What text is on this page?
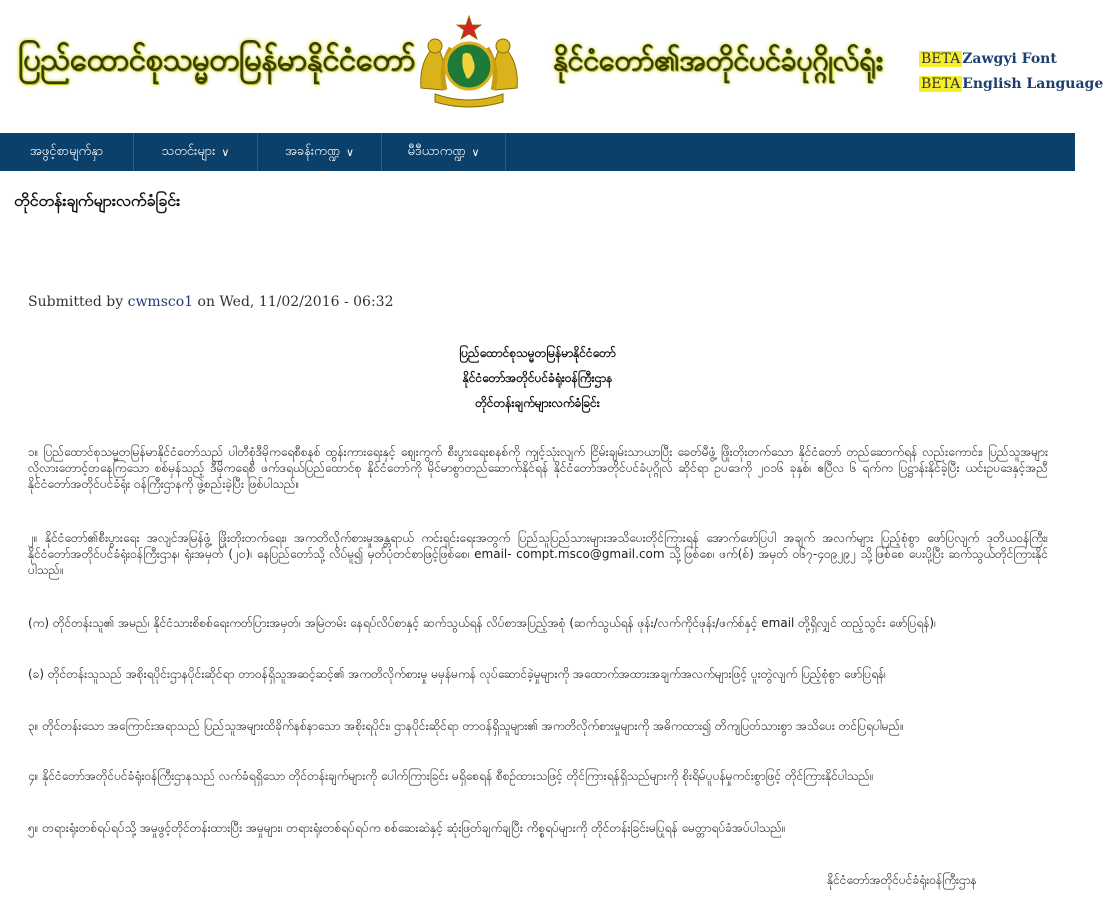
ပြည်ထောင်စုသမ္မတမြန်မာနိုင်ငံတော်	နိုင်ငံတော်၏အတိုင်ပင်ခံပုဂ္ဂိုလ်ရုံး	BETA Zawgyi Font
BETA English Language
အဖွင့်စာမျက်နှာ	သတင်းများ ∨	အခန်းကဏ္ဍ ∨	မီဒီယာကဏ္ဍ ∨
တိုင်တန်းချက်များလက်ခံခြင်း
Submitted by cwmsco1 on Wed, 11/02/2016 - 06:32
ပြည်ထောင်စုသမ္မတမြန်မာနိုင်ငံတော်
နိုင်ငံတော်အတိုင်ပင်ခံရုံးဝန်ကြီးဌာန
တိုင်တန်းချက်များလက်ခံခြင်း

၁။ ပြည်ထောင်စုသမ္မတမြန်မာနိုင်ငံတော်သည် ပါတီစုံဒီမိုကရေစီစနစ် ထွန်းကားရေးနှင့် ဈေးကွက် စီးပွားရေးစနစ်ကို ကျင့်သုံးလျက် ငြိမ်းချမ်းသာယာပြီး ခေတ်မီဖွံ့ ဖြိုးတိုးတက်သော နိုင်ငံတော် တည်ဆောက်ရန် လည်းကောင်း၊ ပြည်သူအများ လိုလားတောင့်တနေကြသော စစ်မှန်သည့် ဒီမိုကရေစီ ဖက်ဒရယ်ပြည်ထောင်စု နိုင်ငံတော်ကို မိုင်မာစွာတည်ဆောက်နိုင်ရန် နိုင်ငံတော်အတိုင်ပင်ခံပုဂ္ဂိုလ် ဆိုင်ရာ ဥပဒေကို ၂၀၁၆ ခုနှစ်၊ ဧပြီလ ၆ ရက်က ပြဋ္ဌာန်းနိုင်ခဲ့ပြီး ယင်းဥပဒေနှင့်အညီ နိုင်ငံတော်အတိုင်ပင်ခံရုံး ဝန်ကြီးဌာနကို ဖွဲ့စည်းခဲ့ပြီး ဖြစ်ပါသည်။

၂။ နိုင်ငံတော်၏စီးပွားရေး အလျင်အမြန်ဖွံ့ ဖြိုးတိုးတက်ရေး၊ အကတိလိုက်စားမှုအန္တရာယ် ကင်းရှင်းရေးအတွက် ပြည်သူပြည်သားများအသိပေးတိုင်ကြားရန် အောက်ဖော်ပြပါ အချက် အလက်များ ပြည့်စုံစွာ ဖော်ပြလျက် ဒုတိယဝန်ကြီး၊ နိုင်ငံတော်အတိုင်ပင်ခံရုံးဝန်ကြီးဌာန၊ ရုံးအမှတ် (၂၀)၊ နေပြည်တော်သို့ လိပ်မူ၍ မှတ်ပုံတင်စာဖြင့်ဖြစ်စေ၊ email- compt.msco@gmail.com သို့ဖြစ်စေ၊ ဖက်(စ်) အမှတ် ၀၆၇-၄၀၉၂၉၂ သို့ဖြစ်စေ ပေးပို့ပြီး ဆက်သွယ်တိုင်ကြားနိုင်ပါသည်။

(က) တိုင်တန်းသူ၏ အမည်၊ နိုင်ငံသားစိစစ်ရေးကတ်ပြားအမှတ်၊ အမြဲတမ်း နေရပ်လိပ်စာနှင့် ဆက်သွယ်ရန် လိပ်စာအပြည့်အစုံ (ဆက်သွယ်ရန် ဖုန်း/လက်ကိုင်ဖုန်း/ဖက်စ်နှင့် email တို့ရှိလျှင် ထည့်သွင်း ဖော်ပြရန်)၊

(ခ) တိုင်တန်းသူသည် အစိုးရပိုင်းဌာနပိုင်းဆိုင်ရာ တာဝန်ရှိသူအဆင့်ဆင့်၏ အကတိလိုက်စားမှု မမှန်မကန် လုပ်ဆောင်ခဲ့မှုများကို အထောက်အထားအချက်အလက်များဖြင့် ပူးတွဲလျက် ပြည့်စုံစွာ ဖော်ပြရန်၊

၃။ တိုင်တန်းသော အကြောင်းအရာသည် ပြည်သူအများထိခိုက်နစ်နာသော အစိုးရပိုင်း၊ ဌာနပိုင်းဆိုင်ရာ တာဝန်ရှိသူများ၏ အကတိလိုက်စားမှုများကို အဓိကထား၍ တိကျပြတ်သားစွာ အသိပေး တင်ပြရပါမည်။

၄။ နိုင်ငံတော်အတိုင်ပင်ခံရုံးဝန်ကြီးဌာနသည် လက်ခံရရှိသော တိုင်တန်းချက်များကို ပေါက်ကြားခြင်း မရှိစေရန် စီစဉ်ထားသဖြင့် တိုင်ကြားရန်ရှိသည်များကို စိုးရိမ်ပူပန်မှုကင်းစွာဖြင့် တိုင်ကြားနိုင်ပါသည်။

၅။ တရားရုံးတစ်ရပ်ရပ်သို့ အမှုဖွင့်တိုင်တန်းထားပြီး အမှုများ၊ တရားရုံးတစ်ရပ်ရပ်က စစ်ဆေးဆဲနှင့် ဆုံးဖြတ်ချက်ချပြီး ကိစ္စရပ်များကို တိုင်တန်းခြင်းမပြုရန် မေတ္တာရပ်ခံအပ်ပါသည်။

နိုင်ငံတော်အတိုင်ပင်ခံရုံးဝန်ကြီးဌာန
